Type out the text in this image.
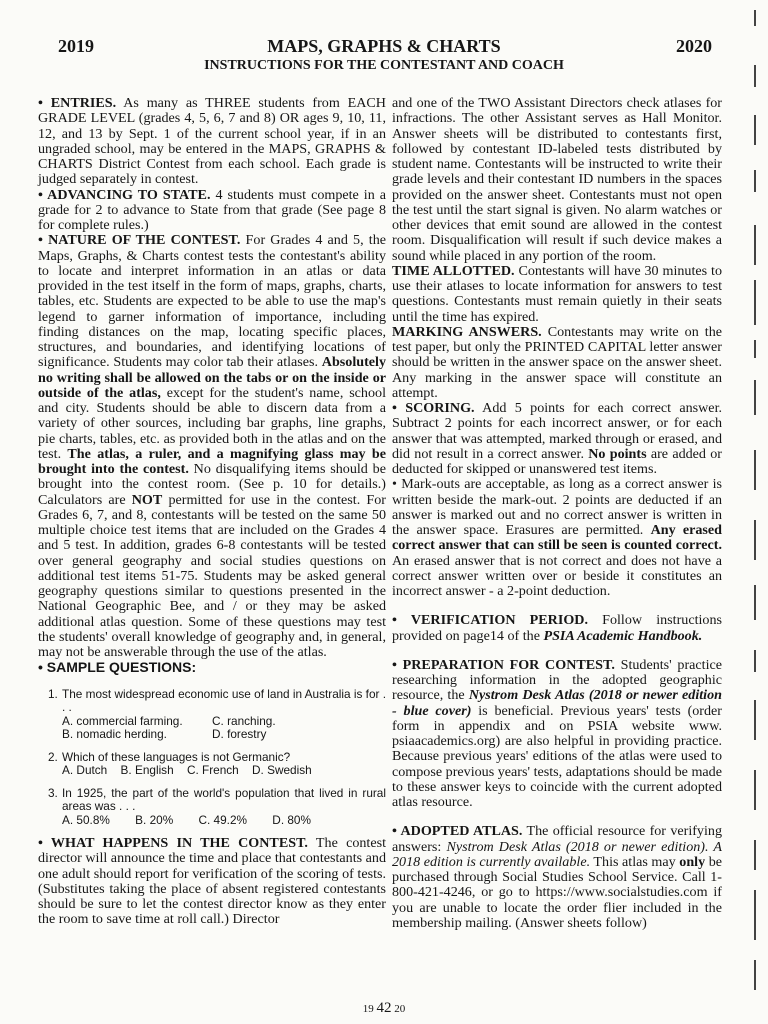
2019	MAPS, GRAPHS & CHARTS	2020
INSTRUCTIONS FOR THE CONTESTANT AND COACH

• ENTRIES. As many as THREE students from EACH GRADE LEVEL (grades 4, 5, 6, 7 and 8) OR ages 9, 10, 11, 12, and 13 by Sept. 1 of the current school year, if in an ungraded school, may be entered in the MAPS, GRAPHS & CHARTS District Contest from each school. Each grade is judged separately in contest.

• ADVANCING TO STATE. 4 students must compete in a grade for 2 to advance to State from that grade (See page 8 for complete rules.)

• NATURE OF THE CONTEST. For Grades 4 and 5, the Maps, Graphs, & Charts contest tests the contestant's ability to locate and interpret information in an atlas or data provided in the test itself in the form of maps, graphs, charts, tables, etc. Students are expected to be able to use the map's legend to garner information of importance, including finding distances on the map, locating specific places, structures, and boundaries, and identifying locations of significance. Students may color tab their atlases. Absolutely no writing shall be allowed on the tabs or on the inside or outside of the atlas, except for the student's name, school and city. Students should be able to discern data from a variety of other sources, including bar graphs, line graphs, pie charts, tables, etc. as provided both in the atlas and on the test. The atlas, a ruler, and a magnifying glass may be brought into the contest. No disqualifying items should be brought into the contest room. (See p. 10 for details.) Calculators are NOT permitted for use in the contest. For Grades 6, 7, and 8, contestants will be tested on the same 50 multiple choice test items that are included on the Grades 4 and 5 test. In addition, grades 6-8 contestants will be tested over general geography and social studies questions on additional test items 51-75. Students may be asked general geography questions similar to questions presented in the National Geographic Bee, and / or they may be asked additional atlas question. Some of these questions may test the students' overall knowledge of geography and, in general, may not be answerable through the use of the atlas.

• SAMPLE QUESTIONS:
1. The most widespread economic use of land in Australia is for . . .
A. commercial farming.	C. ranching.
B. nomadic herding.	D. forestry
2. Which of these languages is not Germanic?
A. Dutch B. English C. French D. Swedish
3. In 1925, the part of the world's population that lived in rural areas was . . .
A. 50.8% B. 20% C. 49.2% D. 80%

• WHAT HAPPENS IN THE CONTEST. The contest director will announce the time and place that contestants and one adult should report for verification of the scoring of tests. (Substitutes taking the place of absent registered contestants should be sure to let the contest director know as they enter the room to save time at roll call.) Director

and one of the TWO Assistant Directors check atlases for infractions. The other Assistant serves as Hall Monitor. Answer sheets will be distributed to contestants first, followed by contestant ID-labeled tests distributed by student name. Contestants will be instructed to write their grade levels and their contestant ID numbers in the spaces provided on the answer sheet. Contestants must not open the test until the start signal is given. No alarm watches or other devices that emit sound are allowed in the contest room. Disqualification will result if such device makes a sound while placed in any portion of the room.

TIME ALLOTTED. Contestants will have 30 minutes to use their atlases to locate information for answers to test questions. Contestants must remain quietly in their seats until the time has expired.

MARKING ANSWERS. Contestants may write on the test paper, but only the PRINTED CAPITAL letter answer should be written in the answer space on the answer sheet. Any marking in the answer space will constitute an attempt.

• SCORING. Add 5 points for each correct answer. Subtract 2 points for each incorrect answer, or for each answer that was attempted, marked through or erased, and did not result in a correct answer. No points are added or deducted for skipped or unanswered test items.

• Mark-outs are acceptable, as long as a correct answer is written beside the mark-out. 2 points are deducted if an answer is marked out and no correct answer is written in the answer space. Erasures are permitted. Any erased correct answer that can still be seen is counted correct. An erased answer that is not correct and does not have a correct answer written over or beside it constitutes an incorrect answer - a 2-point deduction.

• VERIFICATION PERIOD. Follow instructions provided on page14 of the PSIA Academic Handbook.

• PREPARATION FOR CONTEST. Students' practice researching information in the adopted geographic resource, the Nystrom Desk Atlas (2018 or newer edition - blue cover) is beneficial. Previous years' tests (order form in appendix and on PSIA website www. psiaacademics.org) are also helpful in providing practice. Because previous years' editions of the atlas were used to compose previous years' tests, adaptations should be made to these answer keys to coincide with the current adopted atlas resource.

• ADOPTED ATLAS. The official resource for verifying answers: Nystrom Desk Atlas (2018 or newer edition). A 2018 edition is currently available. This atlas may only be purchased through Social Studies School Service. Call 1-800-421-4246, or go to https://www.socialstudies.com if you are unable to locate the order flier included in the membership mailing. (Answer sheets follow)

19 42 20
